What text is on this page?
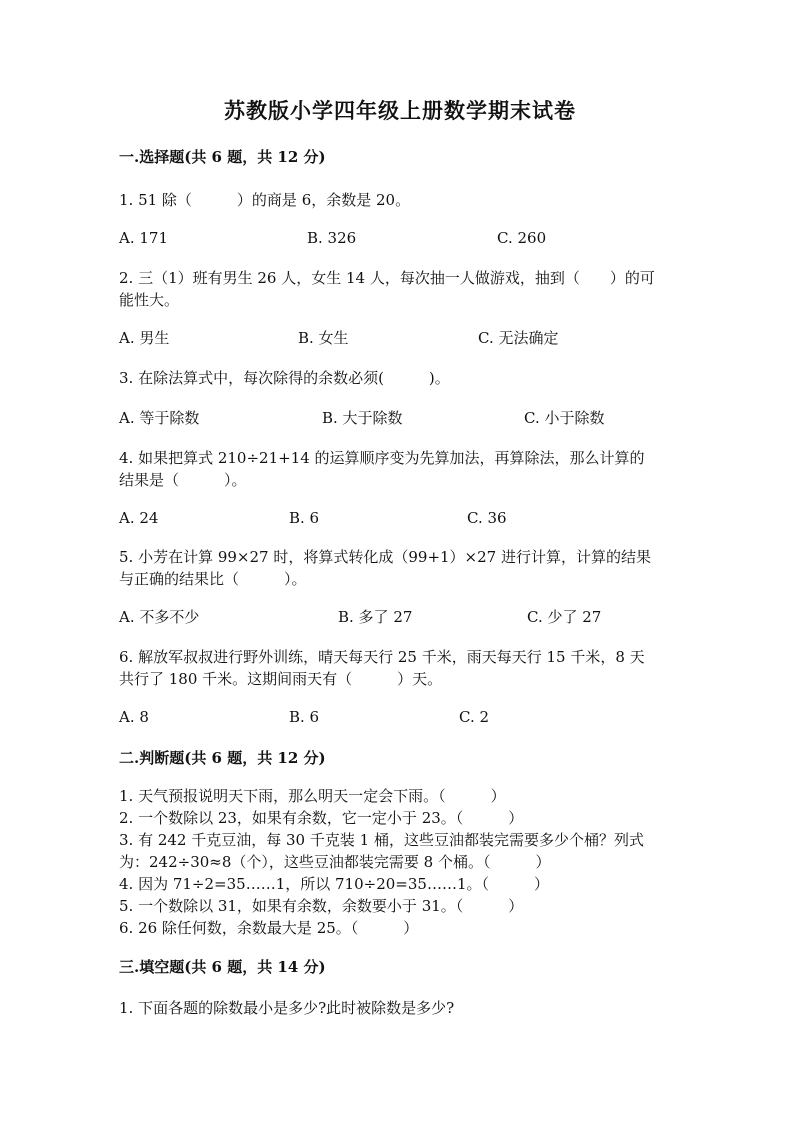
苏教版小学四年级上册数学期末试卷
一.选择题(共 6 题，共 12 分)
1. 51 除（　　　）的商是 6，余数是 20。
A. 171	B. 326	C. 260
2. 三（1）班有男生 26 人，女生 14 人，每次抽一人做游戏，抽到（　　）的可
能性大。
A. 男生	B. 女生	C. 无法确定
3. 在除法算式中，每次除得的余数必须(　　　)。
A. 等于除数	B. 大于除数	C. 小于除数
4. 如果把算式 210÷21+14 的运算顺序变为先算加法，再算除法，那么计算的
结果是（　　　）。
A. 24	B. 6	C. 36
5. 小芳在计算 99×27 时，将算式转化成（99+1）×27 进行计算，计算的结果
与正确的结果比（　　　）。
A. 不多不少	B. 多了 27	C. 少了 27
6. 解放军叔叔进行野外训练，晴天每天行 25 千米，雨天每天行 15 千米，8 天
共行了 180 千米。这期间雨天有（　　　）天。
A. 8	B. 6	C. 2
二.判断题(共 6 题，共 12 分)
1. 天气预报说明天下雨，那么明天一定会下雨。（　　　）
2. 一个数除以 23，如果有余数，它一定小于 23。（　　　）
3. 有 242 千克豆油，每 30 千克装 1 桶，这些豆油都装完需要多少个桶？列式
为：242÷30≈8（个），这些豆油都装完需要 8 个桶。（　　　）
4. 因为 71÷2=35……1，所以 710÷20=35……1。（　　　）
5. 一个数除以 31，如果有余数，余数要小于 31。（　　　）
6. 26 除任何数，余数最大是 25。（　　　）
三.填空题(共 6 题，共 14 分)
1. 下面各题的除数最小是多少?此时被除数是多少?
